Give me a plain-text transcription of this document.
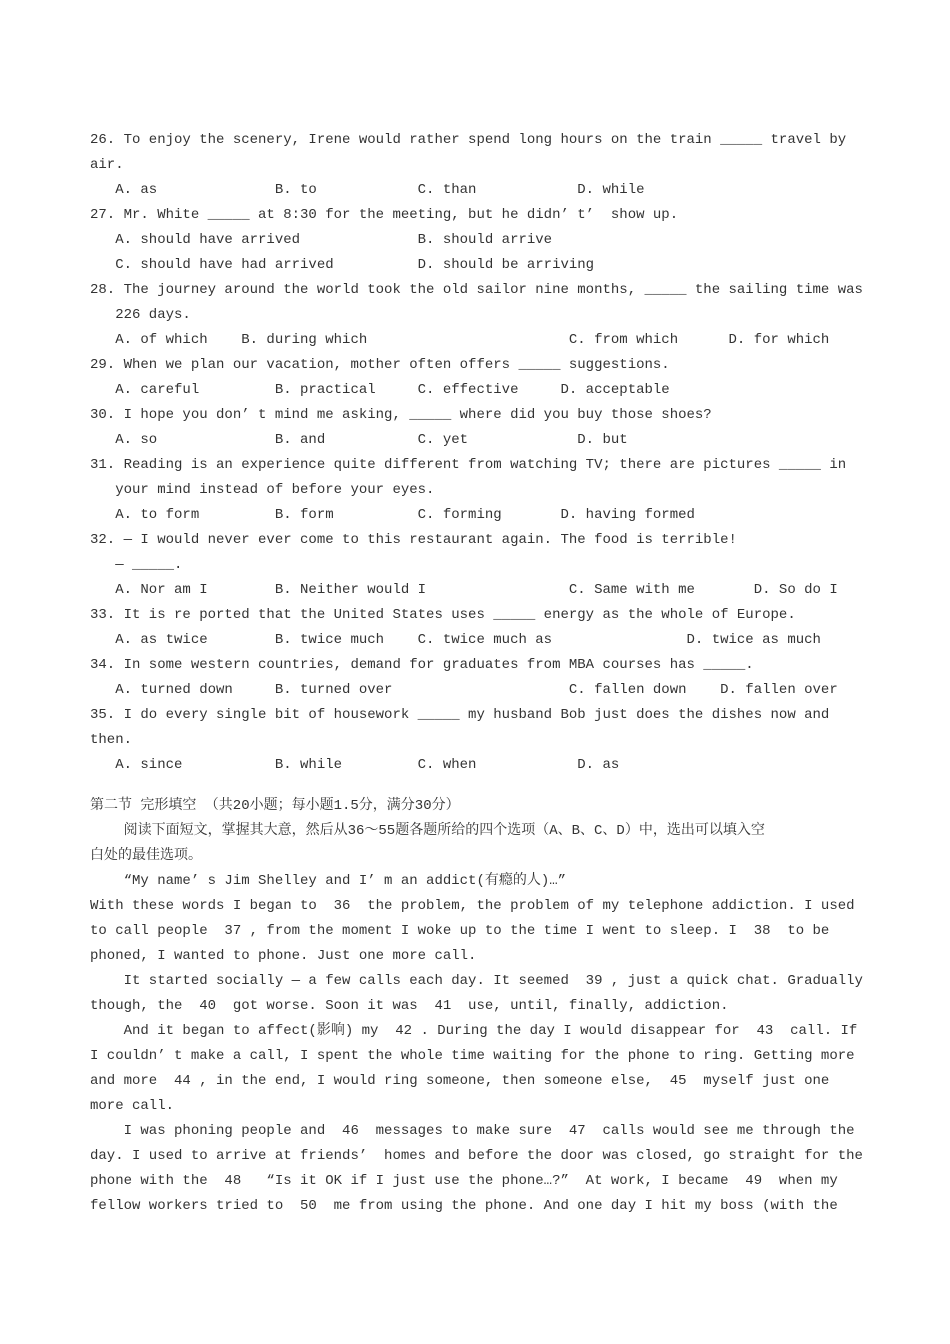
26. To enjoy the scenery, Irene would rather spend long hours on the train _____ travel by
air.
A. as              B. to            C. than            D. while
27. Mr. White _____ at 8:30 for the meeting, but he didn’ t’  show up.
A. should have arrived              B. should arrive
C. should have had arrived          D. should be arriving
28. The journey around the world took the old sailor nine months, _____ the sailing time was
226 days.
A. of which    B. during which                        C. from which      D. for which
29. When we plan our vacation, mother often offers _____ suggestions.
A. careful         B. practical     C. effective     D. acceptable
30. I hope you don’ t mind me asking, _____ where did you buy those shoes?
A. so              B. and           C. yet             D. but
31. Reading is an experience quite different from watching TV; there are pictures _____ in
your mind instead of before your eyes.
A. to form         B. form          C. forming       D. having formed
32. — I would never ever come to this restaurant again. The food is terrible!
— _____.
A. Nor am I        B. Neither would I                 C. Same with me       D. So do I
33. It is re ported that the United States uses _____ energy as the whole of Europe.
A. as twice        B. twice much    C. twice much as                D. twice as much
34. In some western countries, demand for graduates from MBA courses has _____.
A. turned down     B. turned over                     C. fallen down    D. fallen over
35. I do every single bit of housework _____ my husband Bob just does the dishes now and
then.
A. since           B. while         C. when            D. as
第二节 完形填空 （共20小题；每小题1.5分，满分30分）
阅读下面短文，掌握其大意，然后从36～55题各题所给的四个选项（A、B、C、D）中，选出可以填入空
白处的最佳选项。
“My name’ s Jim Shelley and I’ m an addict(有瘾的人)…”
With these words I began to  36  the problem, the problem of my telephone addiction. I used
to call people  37 , from the moment I woke up to the time I went to sleep. I  38  to be
phoned, I wanted to phone. Just one more call.
It started socially — a few calls each day. It seemed  39 , just a quick chat. Gradually
though, the  40  got worse. Soon it was  41  use, until, finally, addiction.
And it began to affect(影响) my  42 . During the day I would disappear for  43  call. If
I couldn’ t make a call, I spent the whole time waiting for the phone to ring. Getting more
and more  44 , in the end, I would ring someone, then someone else,  45  myself just one
more call.
I was phoning people and  46  messages to make sure  47  calls would see me through the
day. I used to arrive at friends’  homes and before the door was closed, go straight for the
phone with the  48   “Is it OK if I just use the phone…?”  At work, I became  49  when my
fellow workers tried to  50  me from using the phone. And one day I hit my boss (with the
